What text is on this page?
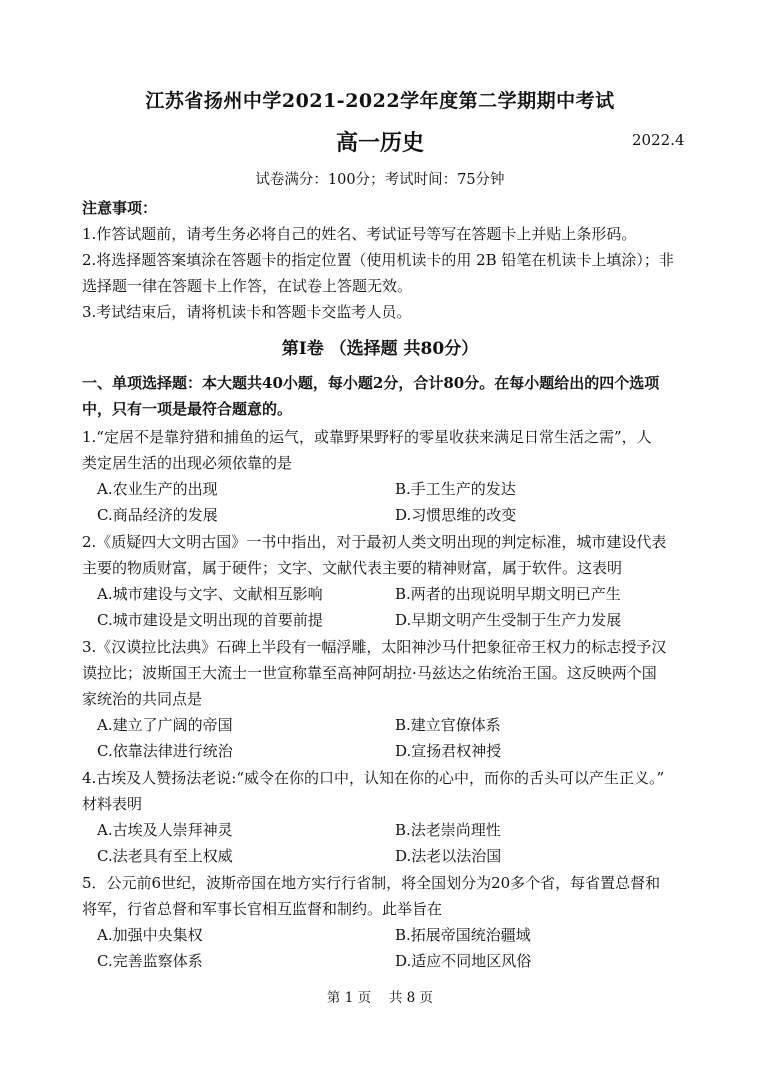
江苏省扬州中学2021-2022学年度第二学期期中考试
高一历史	2022.4
试卷满分：100分；考试时间：75分钟
注意事项：
1.作答试题前，请考生务必将自己的姓名、考试证号等写在答题卡上并贴上条形码。
2.将选择题答案填涂在答题卡的指定位置（使用机读卡的用 2B 铅笔在机读卡上填涂）；非
选择题一律在答题卡上作答，在试卷上答题无效。
3.考试结束后，请将机读卡和答题卡交监考人员。
第Ⅰ卷 （选择题 共80分）
一、单项选择题：本大题共40小题，每小题2分，合计80分。在每小题给出的四个选项
中，只有一项是最符合题意的。
1.“定居不是靠狩猎和捕鱼的运气，或靠野果野籽的零星收获来满足日常生活之需”，人
类定居生活的出现必须依靠的是
A.农业生产的出现	B.手工生产的发达
C.商品经济的发展	D.习惯思维的改变
2.《质疑四大文明古国》一书中指出，对于最初人类文明出现的判定标准，城市建设代表
主要的物质财富，属于硬件；文字、文献代表主要的精神财富，属于软件。这表明
A.城市建设与文字、文献相互影响	B.两者的出现说明早期文明已产生
C.城市建设是文明出现的首要前提	D.早期文明产生受制于生产力发展
3.《汉谟拉比法典》石碑上半段有一幅浮雕，太阳神沙马什把象征帝王权力的标志授予汉
谟拉比；波斯国王大流士一世宣称靠至高神阿胡拉·马兹达之佑统治王国。这反映两个国
家统治的共同点是
A.建立了广阔的帝国	B.建立官僚体系
C.依靠法律进行统治	D.宣扬君权神授
4.古埃及人赞扬法老说:“威令在你的口中，认知在你的心中，而你的舌头可以产生正义。”
材料表明
A.古埃及人崇拜神灵	B.法老崇尚理性
C.法老具有至上权威	D.法老以法治国
5．公元前6世纪，波斯帝国在地方实行行省制，将全国划分为20多个省，每省置总督和
将军，行省总督和军事长官相互监督和制约。此举旨在
A.加强中央集权	B.拓展帝国统治疆域
C.完善监察体系	D.适应不同地区风俗
第 1 页　 共 8 页
